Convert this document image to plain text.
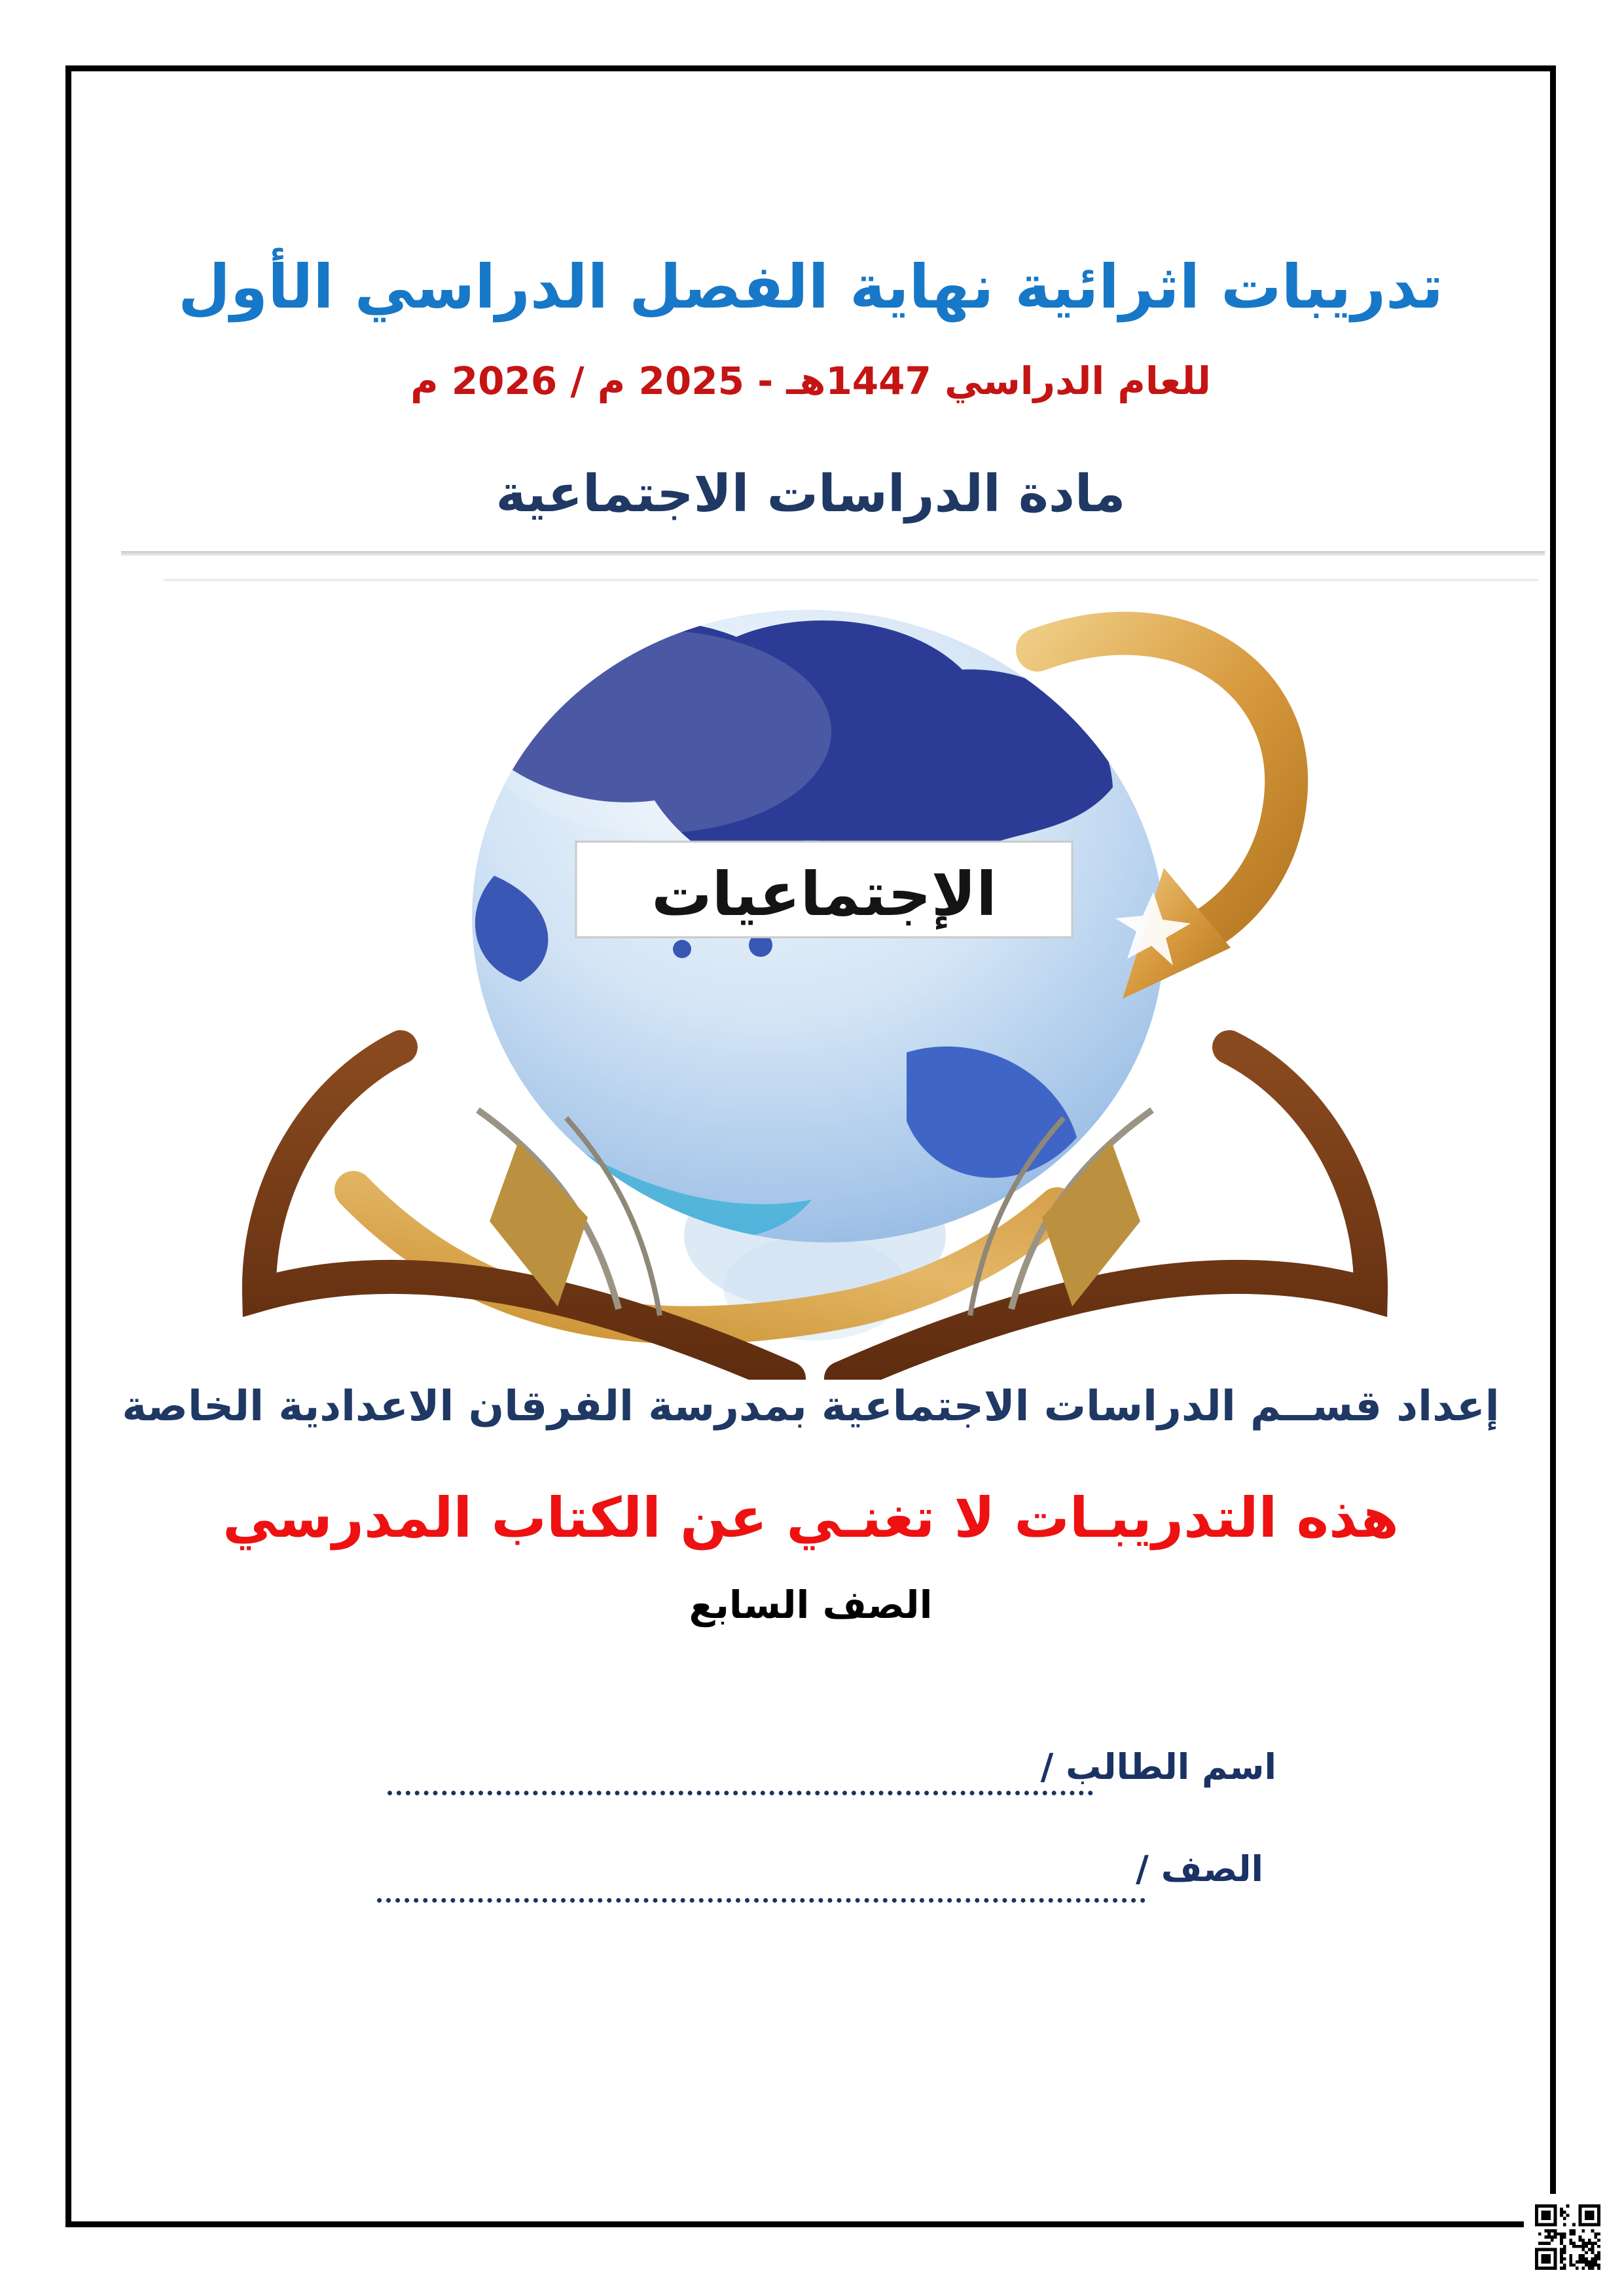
تدريبات اثرائية نهاية الفصل الدراسي الأول
للعام الدراسي 1447هـ - 2025 م / 2026 م
مادة الدراسات الاجتماعية
الإجتماعيات
إعداد قســم الدراسات الاجتماعية بمدرسة الفرقان الاعدادية الخاصة
هذه التدريبـات لا تغنـي عن الكتاب المدرسي
الصف السابع
اسم الطالب /
الصف /
